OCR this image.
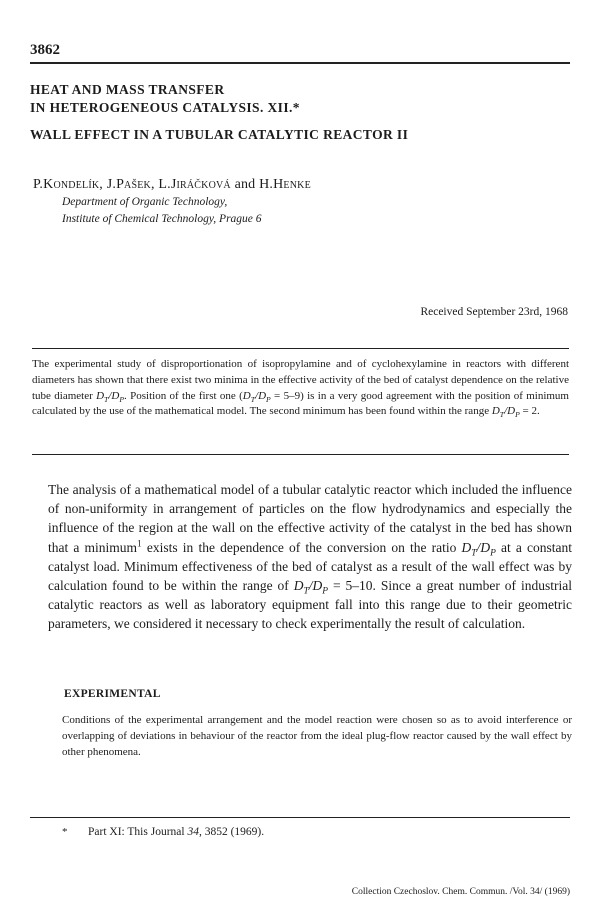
3862
HEAT AND MASS TRANSFER
IN HETEROGENEOUS CATALYSIS. XII.*
WALL EFFECT IN A TUBULAR CATALYTIC REACTOR II
P.Kondelík, J.Pašek, L.Jiráčková and H.Henke
Department of Organic Technology,
Institute of Chemical Technology, Prague 6
Received September 23rd, 1968
The experimental study of disproportionation of isopropylamine and of cyclohexylamine in reactors with different diameters has shown that there exist two minima in the effective activity of the bed of catalyst dependence on the relative tube diameter $D_T/D_P$. Position of the first one $(D_T/D_P = 5-9)$ is in a very good agreement with the position of minimum calculated by the use of the mathematical model. The second minimum has been found within the range $D_T/D_P = 2$.
The analysis of a mathematical model of a tubular catalytic reactor which included the influence of non-uniformity in arrangement of particles on the flow hydrodynamics and especially the influence of the region at the wall on the effective activity of the catalyst in the bed has shown that a minimum$^1$ exists in the dependence of the conversion on the ratio $D_T/D_P$ at a constant catalyst load. Minimum effectiveness of the bed of catalyst as a result of the wall effect was by calculation found to be within the range of $D_T/D_P = 5-10$. Since a great number of industrial catalytic reactors as well as laboratory equipment fall into this range due to their geometric parameters, we considered it necessary to check experimentally the result of calculation.
EXPERIMENTAL
Conditions of the experimental arrangement and the model reaction were chosen so as to avoid interference or overlapping of deviations in behaviour of the reactor from the ideal plug-flow reactor caused by the wall effect by other phenomena.
* Part XI: This Journal 34, 3852 (1969).
Collection Czechoslov. Chem. Commun. /Vol. 34/ (1969)
